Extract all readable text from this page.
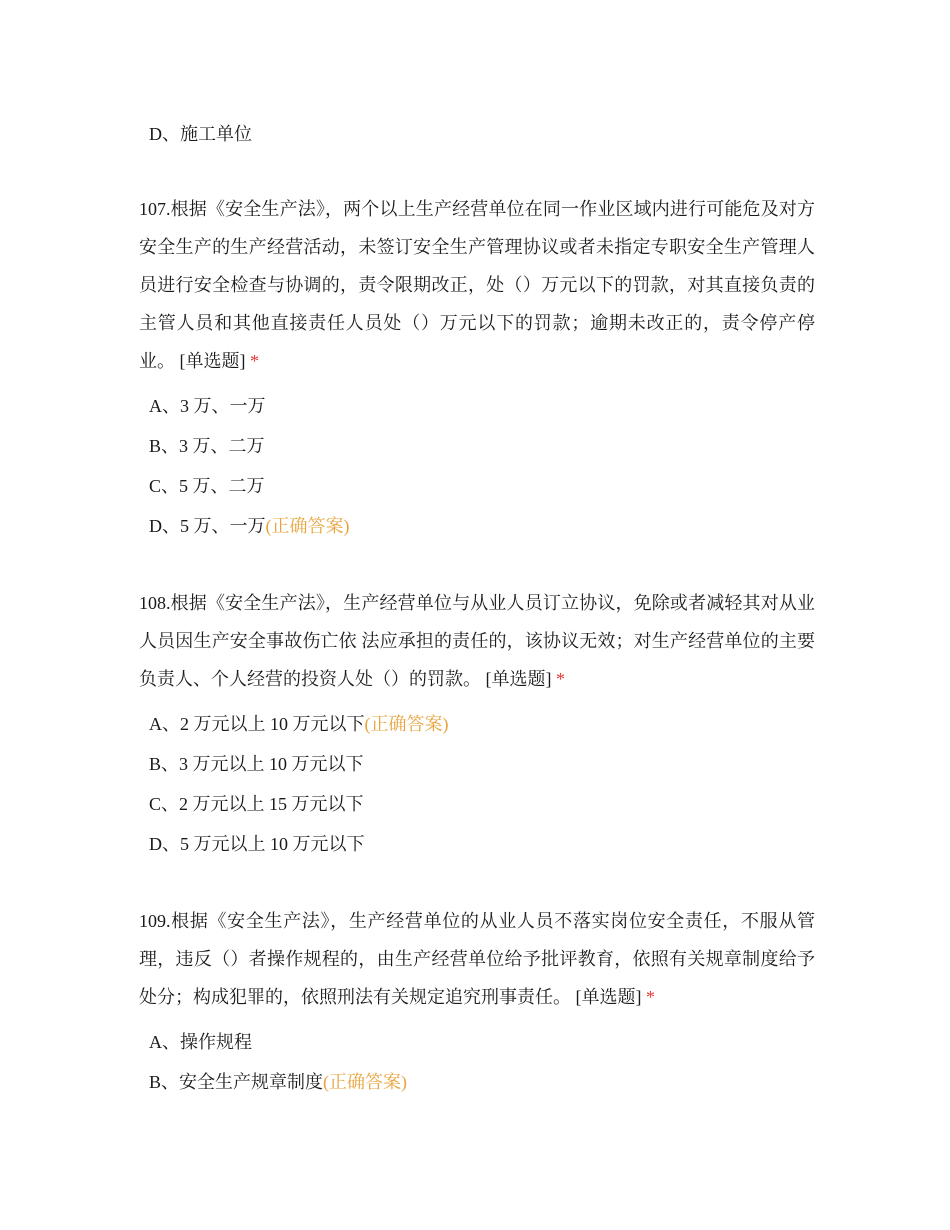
D、施工单位

107.根据《安全生产法》，两个以上生产经营单位在同一作业区域内进行可能危及对方安全生产的生产经营活动，未签订安全生产管理协议或者未指定专职安全生产管理人员进行安全检查与协调的，责令限期改正，处（）万元以下的罚款，对其直接负责的主管人员和其他直接责任人员处（）万元以下的罚款；逾期未改正的，责令停产停业。 [单选题] *

A、3 万、一万
B、3 万、二万
C、5 万、二万
D、5 万、一万(正确答案)

108.根据《安全生产法》，生产经营单位与从业人员订立协议，免除或者减轻其对从业人员因生产安全事故伤亡依 法应承担的责任的，该协议无效；对生产经营单位的主要负责人、个人经营的投资人处（）的罚款。 [单选题] *

A、2 万元以上 10 万元以下(正确答案)
B、3 万元以上 10 万元以下
C、2 万元以上 15 万元以下
D、5 万元以上 10 万元以下

109.根据《安全生产法》，生产经营单位的从业人员不落实岗位安全责任，不服从管理，违反（）者操作规程的，由生产经营单位给予批评教育，依照有关规章制度给予处分；构成犯罪的，依照刑法有关规定追究刑事责任。 [单选题] *

A、操作规程
B、安全生产规章制度(正确答案)
